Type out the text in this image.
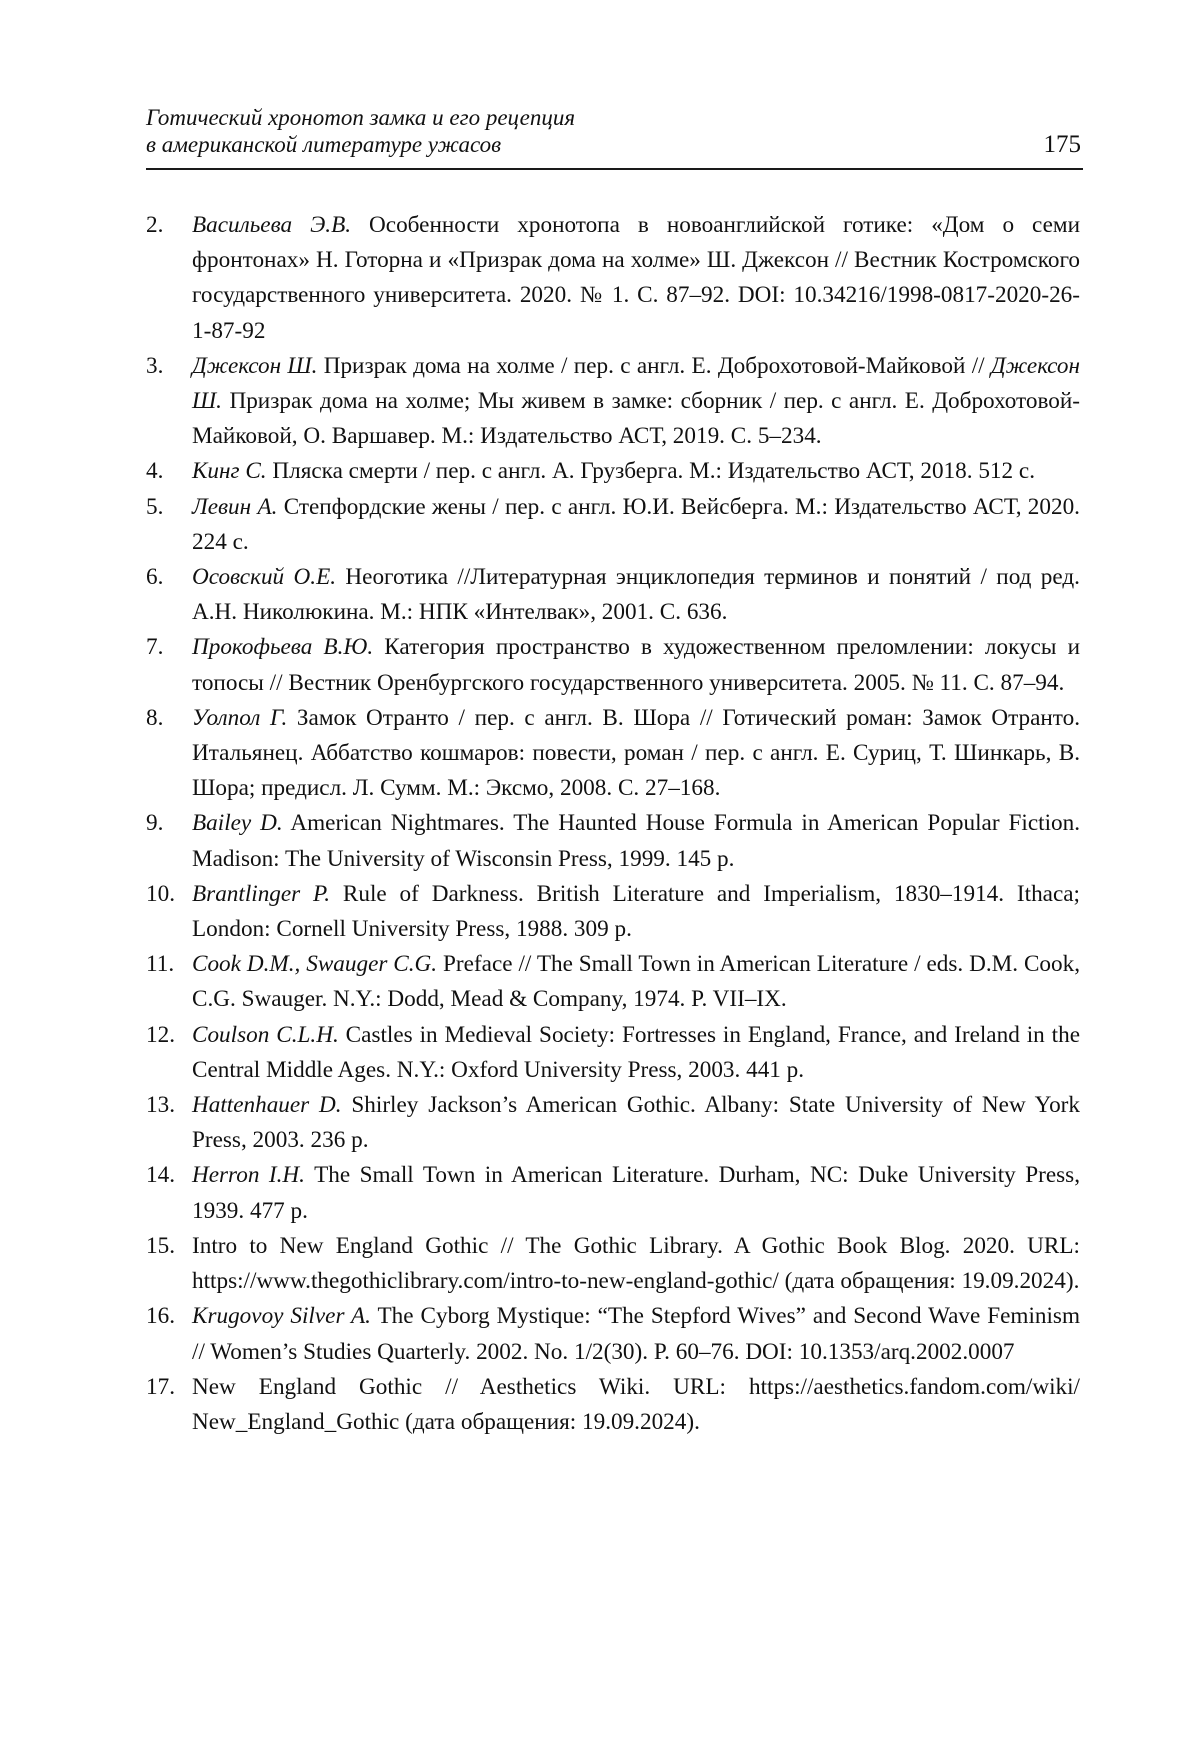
Готический хронотоп замка и его рецепция
в американской литературе ужасов	175
2. Васильева Э.В. Особенности хронотопа в новоанглийской готике: «Дом о семи фронтонах» Н. Готорна и «Призрак дома на холме» Ш. Джексон // Вестник Костромского государственного университета. 2020. № 1. С. 87–92. DOI: 10.34216/1998-0817-2020-26-1-87-92
3. Джексон Ш. Призрак дома на холме / пер. с англ. Е. Доброхотовой-Майковой // Джексон Ш. Призрак дома на холме; Мы живем в замке: сборник / пер. с англ. Е. Доброхотовой-Майковой, О. Варшавер. М.: Издательство АСТ, 2019. С. 5–234.
4. Кинг С. Пляска смерти / пер. с англ. А. Грузберга. М.: Издательство АСТ, 2018. 512 с.
5. Левин А. Степфордские жены / пер. с англ. Ю.И. Вейсберга. М.: Издательство АСТ, 2020. 224 с.
6. Осовский О.Е. Неоготика //Литературная энциклопедия терминов и понятий / под ред. А.Н. Николюкина. М.: НПК «Интелвак», 2001. С. 636.
7. Прокофьева В.Ю. Категория пространство в художественном преломлении: локусы и топосы // Вестник Оренбургского государственного университета. 2005. № 11. С. 87–94.
8. Уолпол Г. Замок Отранто / пер. с англ. В. Шора // Готический роман: Замок Отранто. Итальянец. Аббатство кошмаров: повести, роман / пер. с англ. Е. Суриц, Т. Шинкарь, В. Шора; предисл. Л. Сумм. М.: Эксмо, 2008. С. 27–168.
9. Bailey D. American Nightmares. The Haunted House Formula in American Popular Fiction. Madison: The University of Wisconsin Press, 1999. 145 p.
10. Brantlinger P. Rule of Darkness. British Literature and Imperialism, 1830–1914. Ithaca; London: Cornell University Press, 1988. 309 p.
11. Cook D.M., Swauger C.G. Preface // The Small Town in American Literature / eds. D.M. Cook, C.G. Swauger. N.Y.: Dodd, Mead & Company, 1974. P. VII–IX.
12. Coulson C.L.H. Castles in Medieval Society: Fortresses in England, France, and Ireland in the Central Middle Ages. N.Y.: Oxford University Press, 2003. 441 p.
13. Hattenhauer D. Shirley Jackson’s American Gothic. Albany: State University of New York Press, 2003. 236 p.
14. Herron I.H. The Small Town in American Literature. Durham, NC: Duke University Press, 1939. 477 p.
15. Intro to New England Gothic // The Gothic Library. A Gothic Book Blog. 2020. URL: https://www.thegothiclibrary.com/intro-to-new-england-gothic/ (дата обращения: 19.09.2024).
16. Krugovoy Silver A. The Cyborg Mystique: “The Stepford Wives” and Second Wave Feminism // Women’s Studies Quarterly. 2002. No. 1/2(30). P. 60–76. DOI: 10.1353/arq.2002.0007
17. New England Gothic // Aesthetics Wiki. URL: https://aesthetics.fandom.com/wiki/​New_England_Gothic (дата обращения: 19.09.2024).
